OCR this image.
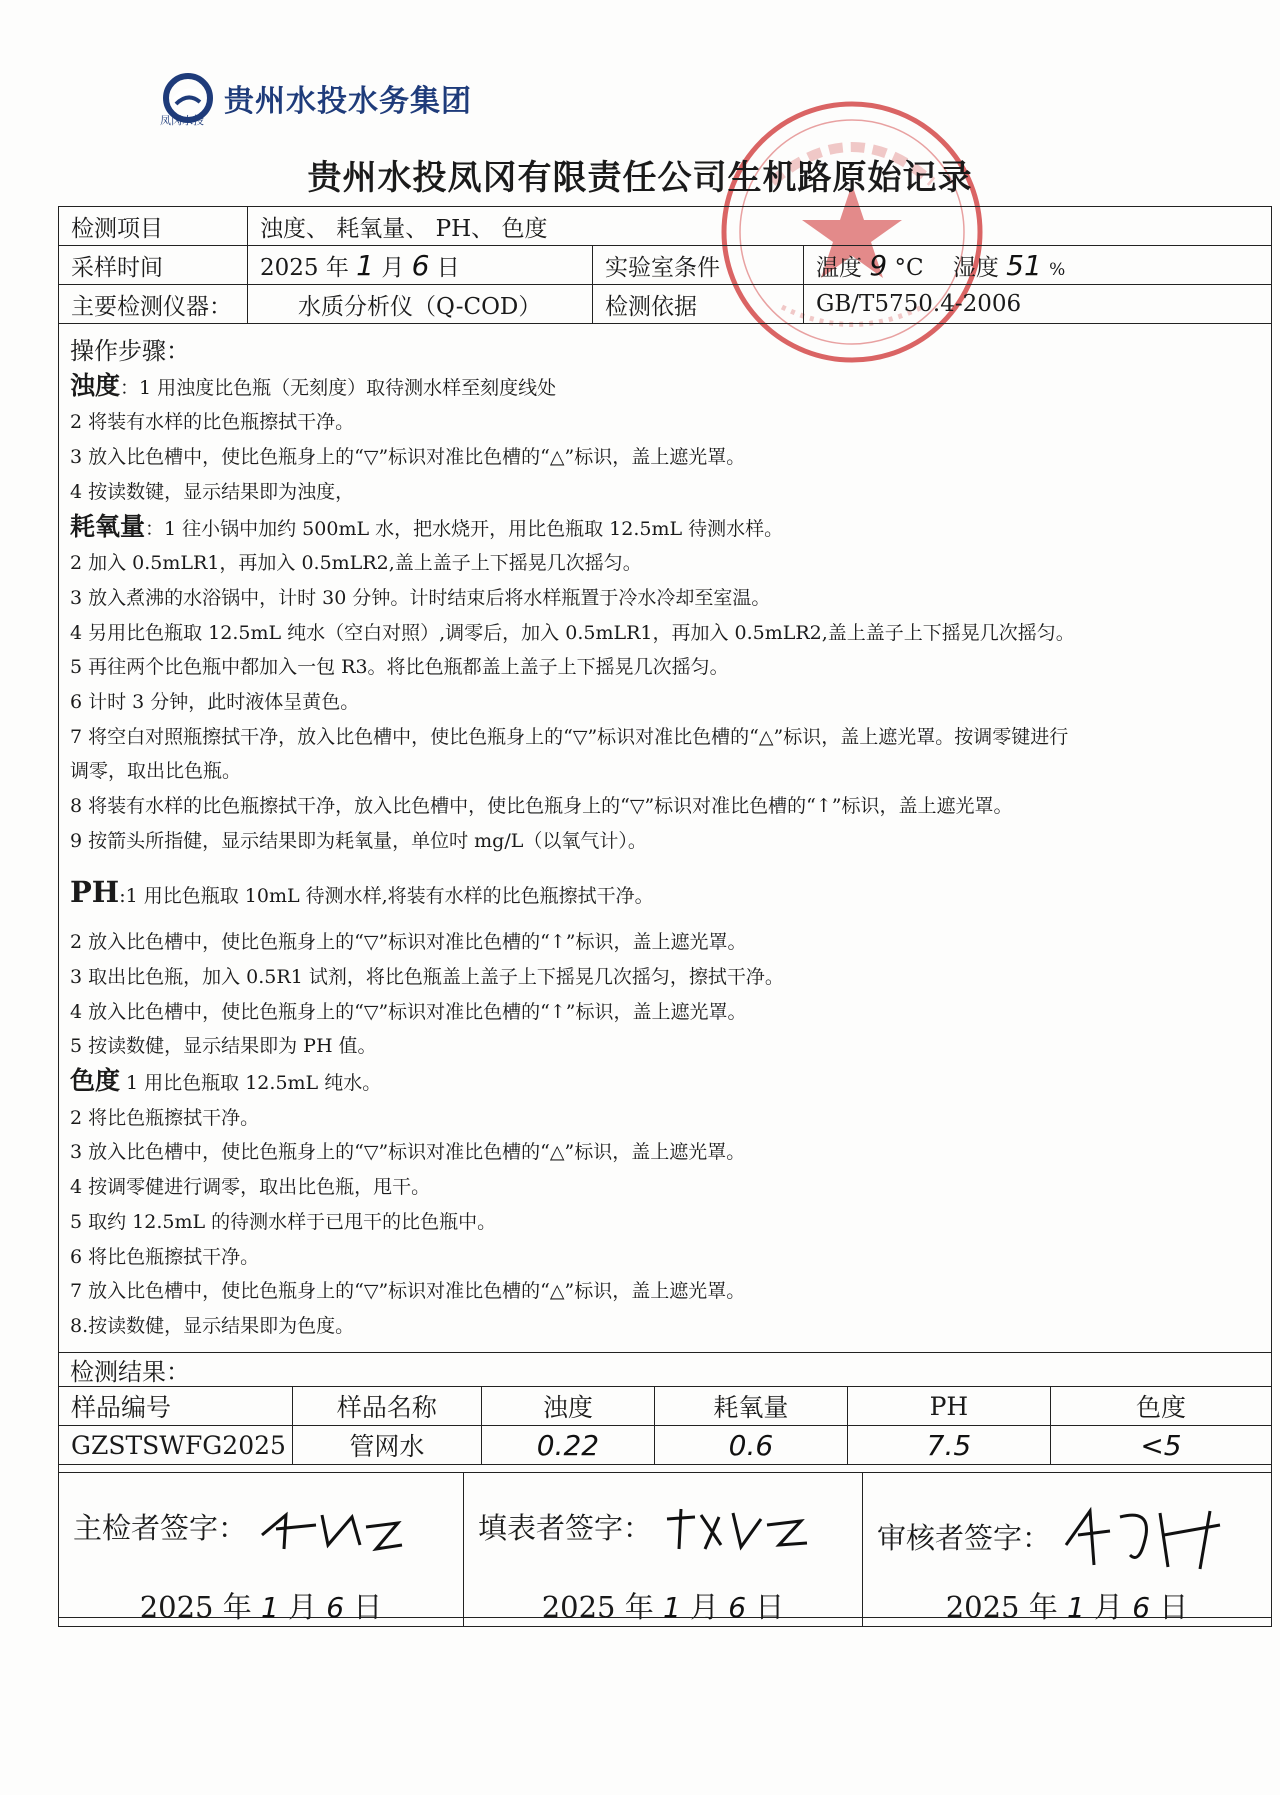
贵州水投水务集团
凤冈水投
贵州水投凤冈有限责任公司生机路原始记录
检测项目	浊度、 耗氧量、 PH、 色度		
采样时间	2025 年 1 月 6 日	实验室条件	温度 9 °C 湿度 51 %
主要检测仪器：	水质分析仪（Q-COD）	检测依据	GB/T5750.4-2006

操作步骤：

浊度：1 用浊度比色瓶（无刻度）取待测水样至刻度线处

2 将装有水样的比色瓶擦拭干净。

3 放入比色槽中，使比色瓶身上的“▽”标识对准比色槽的“△”标识，盖上遮光罩。

4 按读数键，显示结果即为浊度，

耗氧量：1 往小锅中加约 500mL 水，把水烧开，用比色瓶取 12.5mL 待测水样。

2 加入 0.5mLR1，再加入 0.5mLR2,盖上盖子上下摇晃几次摇匀。

3 放入煮沸的水浴锅中，计时 30 分钟。计时结束后将水样瓶置于冷水冷却至室温。

4 另用比色瓶取 12.5mL 纯水（空白对照）,调零后，加入 0.5mLR1，再加入 0.5mLR2,盖上盖子上下摇晃几次摇匀。

5 再往两个比色瓶中都加入一包 R3。将比色瓶都盖上盖子上下摇晃几次摇匀。

6 计时 3 分钟，此时液体呈黄色。

7 将空白对照瓶擦拭干净，放入比色槽中，使比色瓶身上的“▽”标识对准比色槽的“△”标识，盖上遮光罩。按调零键进行

调零，取出比色瓶。

8 将装有水样的比色瓶擦拭干净，放入比色槽中，使比色瓶身上的“▽”标识对准比色槽的“↑”标识，盖上遮光罩。

9 按箭头所指健，显示结果即为耗氧量，单位吋 mg/L（以氧气计）。

PH:1 用比色瓶取 10mL 待测水样,将装有水样的比色瓶擦拭干净。

2 放入比色槽中，使比色瓶身上的“▽”标识对准比色槽的“↑”标识，盖上遮光罩。

3 取出比色瓶，加入 0.5R1 试剂，将比色瓶盖上盖子上下摇晃几次摇匀，擦拭干净。

4 放入比色槽中，使比色瓶身上的“▽”标识对准比色槽的“↑”标识，盖上遮光罩。

5 按读数健，显示结果即为 PH 值。

色度 1 用比色瓶取 12.5mL 纯水。

2 将比色瓶擦拭干净。

3 放入比色槽中，使比色瓶身上的“▽”标识对准比色槽的“△”标识，盖上遮光罩。

4 按调零健进行调零，取出比色瓶，甩干。

5 取约 12.5mL 的待测水样于已甩干的比色瓶中。

6 将比色瓶擦拭干净。

7 放入比色槽中，使比色瓶身上的“▽”标识对准比色槽的“△”标识，盖上遮光罩。

8.按读数健，显示结果即为色度。

检测结果：
样品编号	样品名称	浊度	耗氧量	PH	色度
GZSTSWFG2025	管网水	0.22	0.6	7.5	<5
主检者签字：
2025 年 1 月 6 日

填表者签字：
2025 年 1 月 6 日

审核者签字：
2025 年 1 月 6 日
